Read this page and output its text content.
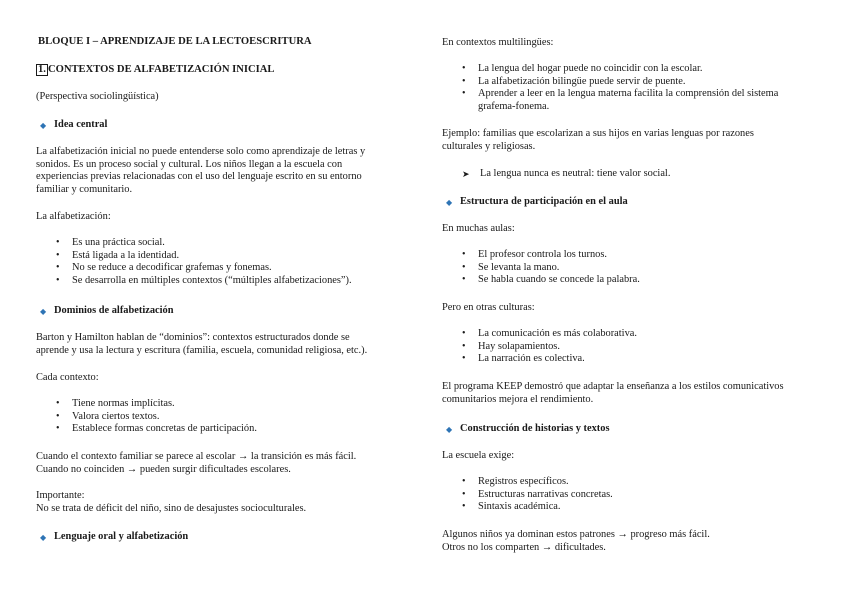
BLOQUE I – APRENDIZAJE DE LA LECTOESCRITURA
1. CONTEXTOS DE ALFABETIZACIÓN INICIAL
(Perspectiva sociolingüística)
◆ Idea central

La alfabetización inicial no puede entenderse solo como aprendizaje de letras y

sonidos. Es un proceso social y cultural. Los niños llegan a la escuela con

experiencias previas relacionadas con el uso del lenguaje escrito en su entorno

familiar y comunitario.

La alfabetización:
• Es una práctica social.
• Está ligada a la identidad.
• No se reduce a decodificar grafemas y fonemas.
• Se desarrolla en múltiples contextos (“múltiples alfabetizaciones”).
◆ Dominios de alfabetización

Barton y Hamilton hablan de “dominios”: contextos estructurados donde se

aprende y usa la lectura y escritura (familia, escuela, comunidad religiosa, etc.).

Cada contexto:
• Tiene normas implícitas.
• Valora ciertos textos.
• Establece formas concretas de participación.

Cuando el contexto familiar se parece al escolar → la transición es más fácil.

Cuando no coinciden → pueden surgir dificultades escolares.

Importante:
No se trata de déficit del niño, sino de desajustes socioculturales.
◆ Lenguaje oral y alfabetización
En contextos multilingües:
• La lengua del hogar puede no coincidir con la escolar.
• La alfabetización bilingüe puede servir de puente.
• Aprender a leer en la lengua materna facilita la comprensión del sistema grafema-fonema.

Ejemplo: familias que escolarizan a sus hijos en varias lenguas por razones

culturales y religiosas.

➤ La lengua nunca es neutral: tiene valor social.
◆ Estructura de participación en el aula
En muchas aulas:
• El profesor controla los turnos.
• Se levanta la mano.
• Se habla cuando se concede la palabra.
Pero en otras culturas:
• La comunicación es más colaborativa.
• Hay solapamientos.
• La narración es colectiva.

El programa KEEP demostró que adaptar la enseñanza a los estilos comunicativos

comunitarios mejora el rendimiento.

◆ Construcción de historias y textos
La escuela exige:
• Registros específicos.
• Estructuras narrativas concretas.
• Sintaxis académica.

Algunos niños ya dominan estos patrones → progreso más fácil.

Otros no los comparten → dificultades.
